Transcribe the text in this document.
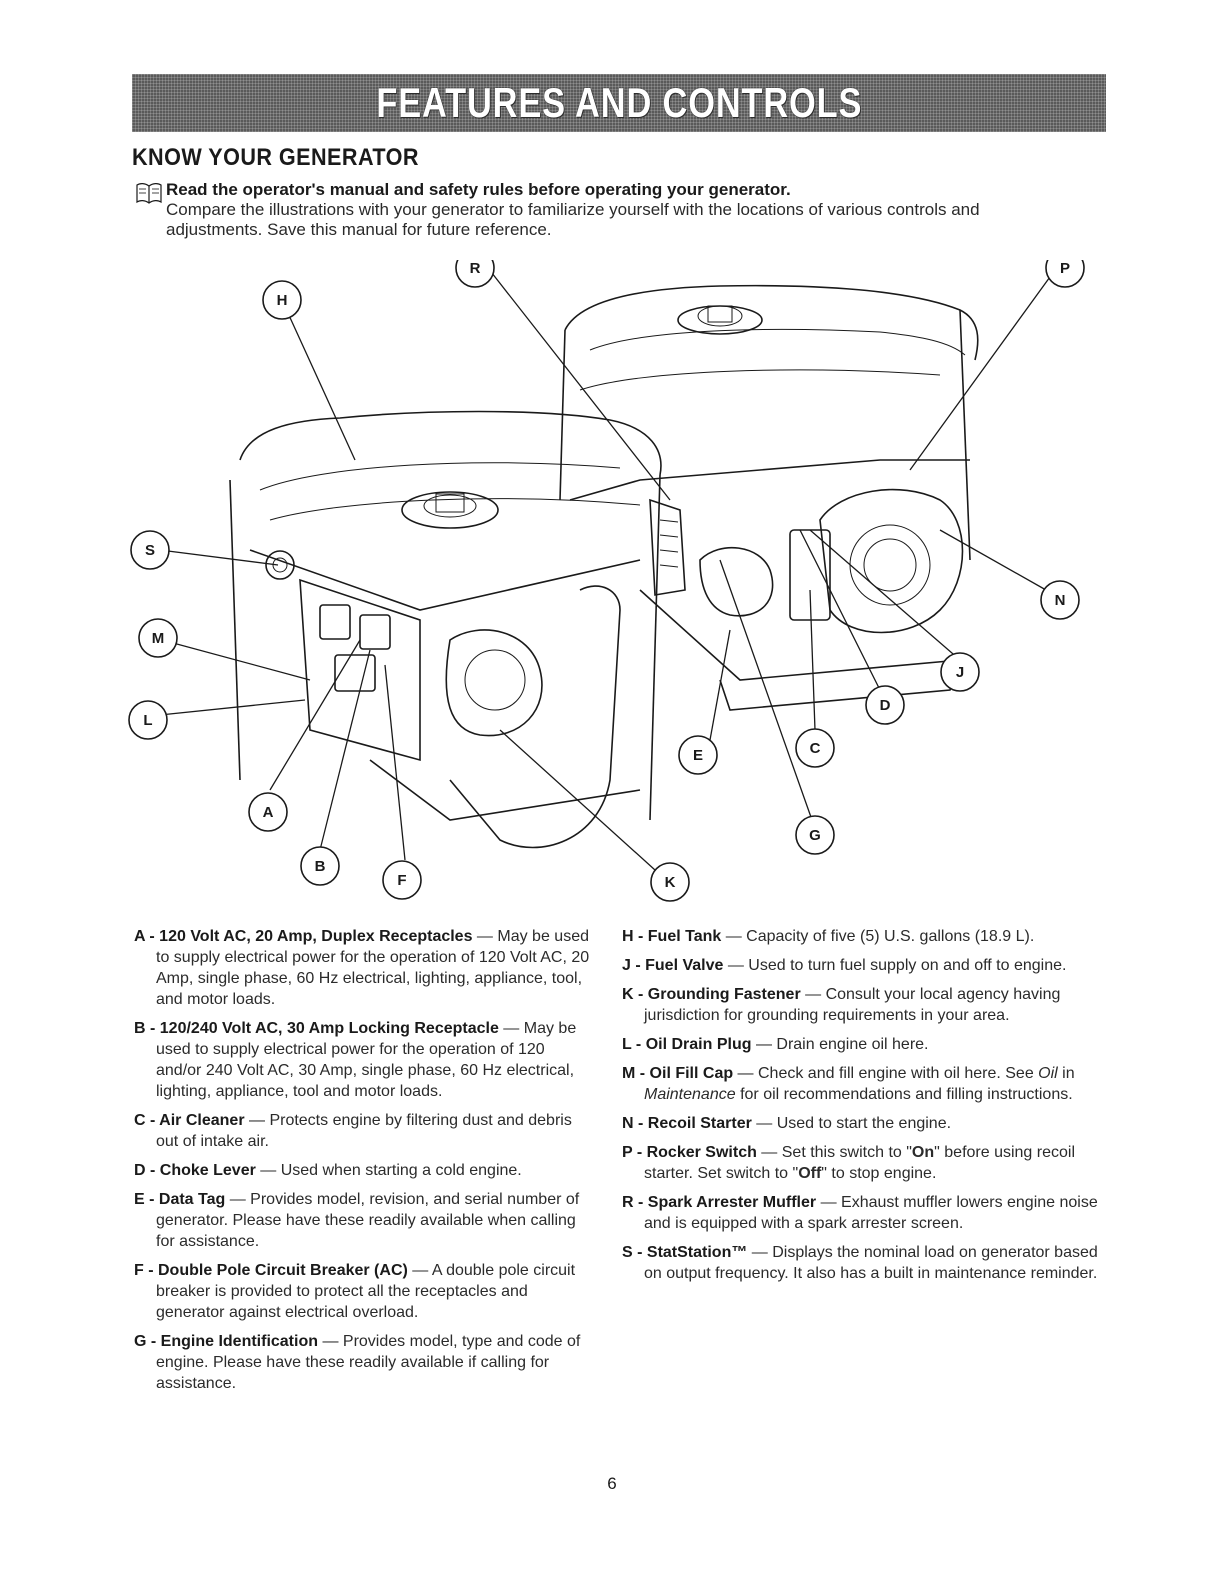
FEATURES AND CONTROLS
KNOW YOUR GENERATOR
Read the operator's manual and safety rules before operating your generator.
Compare the illustrations with your generator to familiarize yourself with the locations of various controls and
adjustments. Save this manual for future reference.
R
H
P
S
N
M
J
L
D
C
E
A
G
B
F	K

A - 120 Volt AC, 20 Amp, Duplex Receptacles — May be used to supply electrical power for the operation of 120 Volt AC, 20 Amp, single phase, 60 Hz electrical, lighting, appliance, tool, and motor loads.

B - 120/240 Volt AC, 30 Amp Locking Receptacle — May be used to supply electrical power for the operation of 120 and/or 240 Volt AC, 30 Amp, single phase, 60 Hz electrical, lighting, appliance, tool and motor loads.

C - Air Cleaner — Protects engine by filtering dust and debris out of intake air.

D - Choke Lever — Used when starting a cold engine.

E - Data Tag — Provides model, revision, and serial number of generator. Please have these readily available when calling for assistance.

F - Double Pole Circuit Breaker (AC) — A double pole circuit breaker is provided to protect all the receptacles and generator against electrical overload.

G - Engine Identification — Provides model, type and code of engine. Please have these readily available if calling for assistance.

H - Fuel Tank — Capacity of five (5) U.S. gallons (18.9 L).

J - Fuel Valve — Used to turn fuel supply on and off to engine.

K - Grounding Fastener — Consult your local agency having jurisdiction for grounding requirements in your area.

L - Oil Drain Plug — Drain engine oil here.

M - Oil Fill Cap — Check and fill engine with oil here. See Oil in Maintenance for oil recommendations and filling instructions.

N - Recoil Starter — Used to start the engine.

P - Rocker Switch — Set this switch to "On" before using recoil starter. Set switch to "Off" to stop engine.

R - Spark Arrester Muffler — Exhaust muffler lowers engine noise and is equipped with a spark arrester screen.

S - StatStation™ — Displays the nominal load on generator based on output frequency. It also has a built in maintenance reminder.

6
